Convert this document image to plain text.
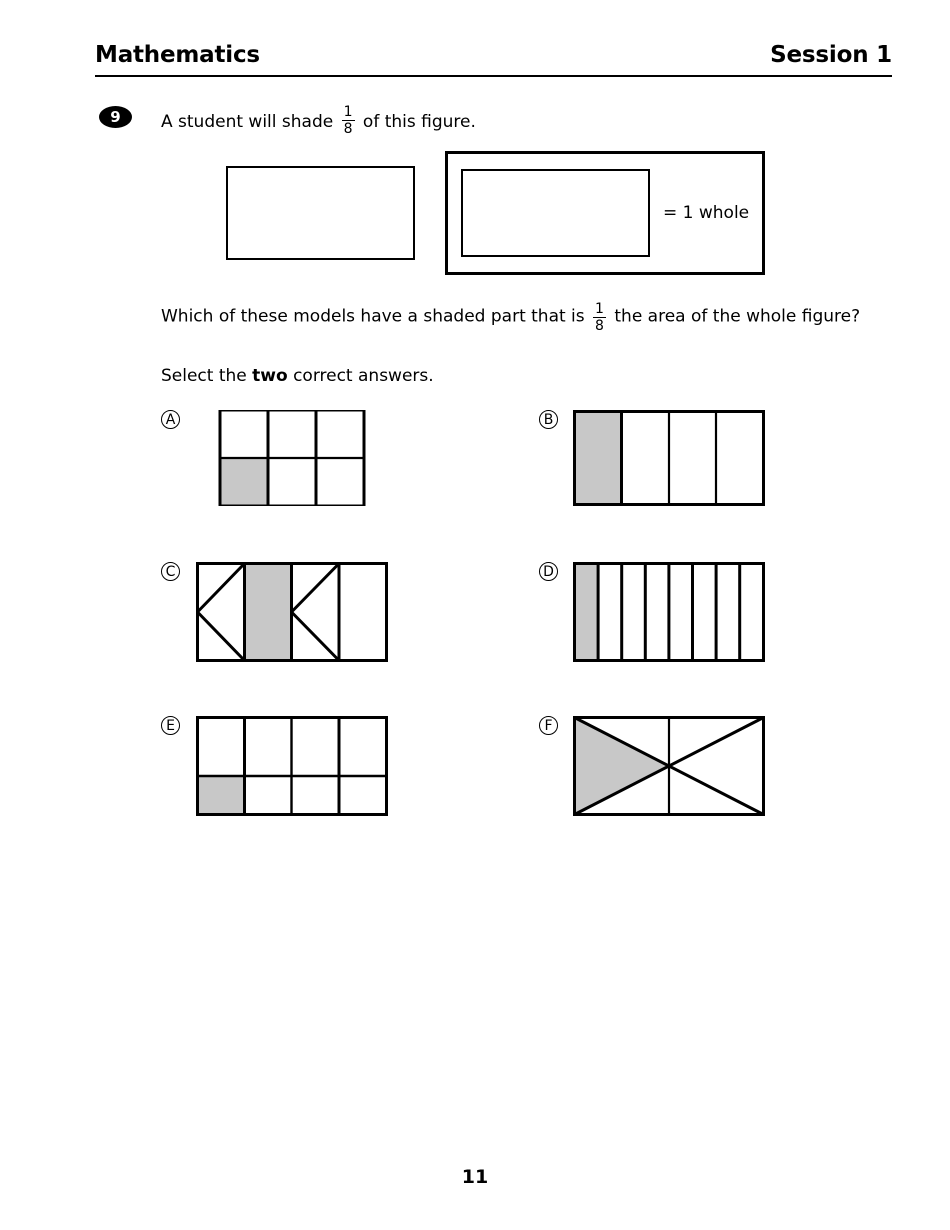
Mathematics	Session 1
9 A student will shade $\frac{1}{8}$ of this figure.
= 1 whole
Which of these models have a shaded part that is $\frac{1}{8}$ the area of the whole figure?
Select the two correct answers.
A	B
C	D
E	F
11
